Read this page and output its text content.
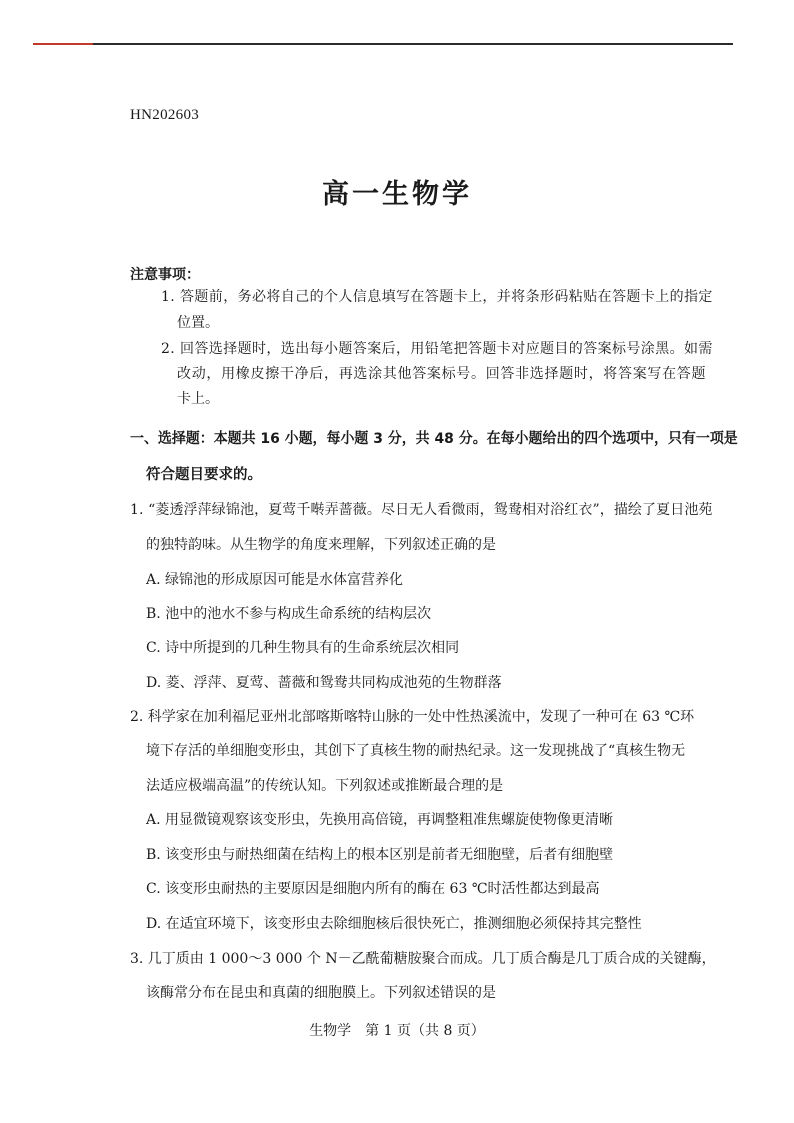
HN202603
高一生物学
注意事项：
1. 答题前，务必将自己的个人信息填写在答题卡上，并将条形码粘贴在答题卡上的指定
位置。
2. 回答选择题时，选出每小题答案后，用铅笔把答题卡对应题目的答案标号涂黑。如需
改动，用橡皮擦干净后，再选涂其他答案标号。回答非选择题时，将答案写在答题
卡上。
一、选择题：本题共 16 小题，每小题 3 分，共 48 分。在每小题给出的四个选项中，只有一项是
符合题目要求的。
1. “菱透浮萍绿锦池，夏莺千啭弄蔷薇。尽日无人看微雨，鸳鸯相对浴红衣”，描绘了夏日池苑
的独特韵味。从生物学的角度来理解，下列叙述正确的是
A. 绿锦池的形成原因可能是水体富营养化
B. 池中的池水不参与构成生命系统的结构层次
C. 诗中所提到的几种生物具有的生命系统层次相同
D. 菱、浮萍、夏莺、蔷薇和鸳鸯共同构成池苑的生物群落
2. 科学家在加利福尼亚州北部喀斯喀特山脉的一处中性热溪流中，发现了一种可在 63 ℃环
境下存活的单细胞变形虫，其创下了真核生物的耐热纪录。这一发现挑战了“真核生物无
法适应极端高温”的传统认知。下列叙述或推断最合理的是
A. 用显微镜观察该变形虫，先换用高倍镜，再调整粗准焦螺旋使物像更清晰
B. 该变形虫与耐热细菌在结构上的根本区别是前者无细胞壁，后者有细胞壁
C. 该变形虫耐热的主要原因是细胞内所有的酶在 63 ℃时活性都达到最高
D. 在适宜环境下，该变形虫去除细胞核后很快死亡，推测细胞必须保持其完整性
3. 几丁质由 1 000～3 000 个 N－乙酰葡糖胺聚合而成。几丁质合酶是几丁质合成的关键酶，
该酶常分布在昆虫和真菌的细胞膜上。下列叙述错误的是
生物学　第 1 页（共 8 页）
